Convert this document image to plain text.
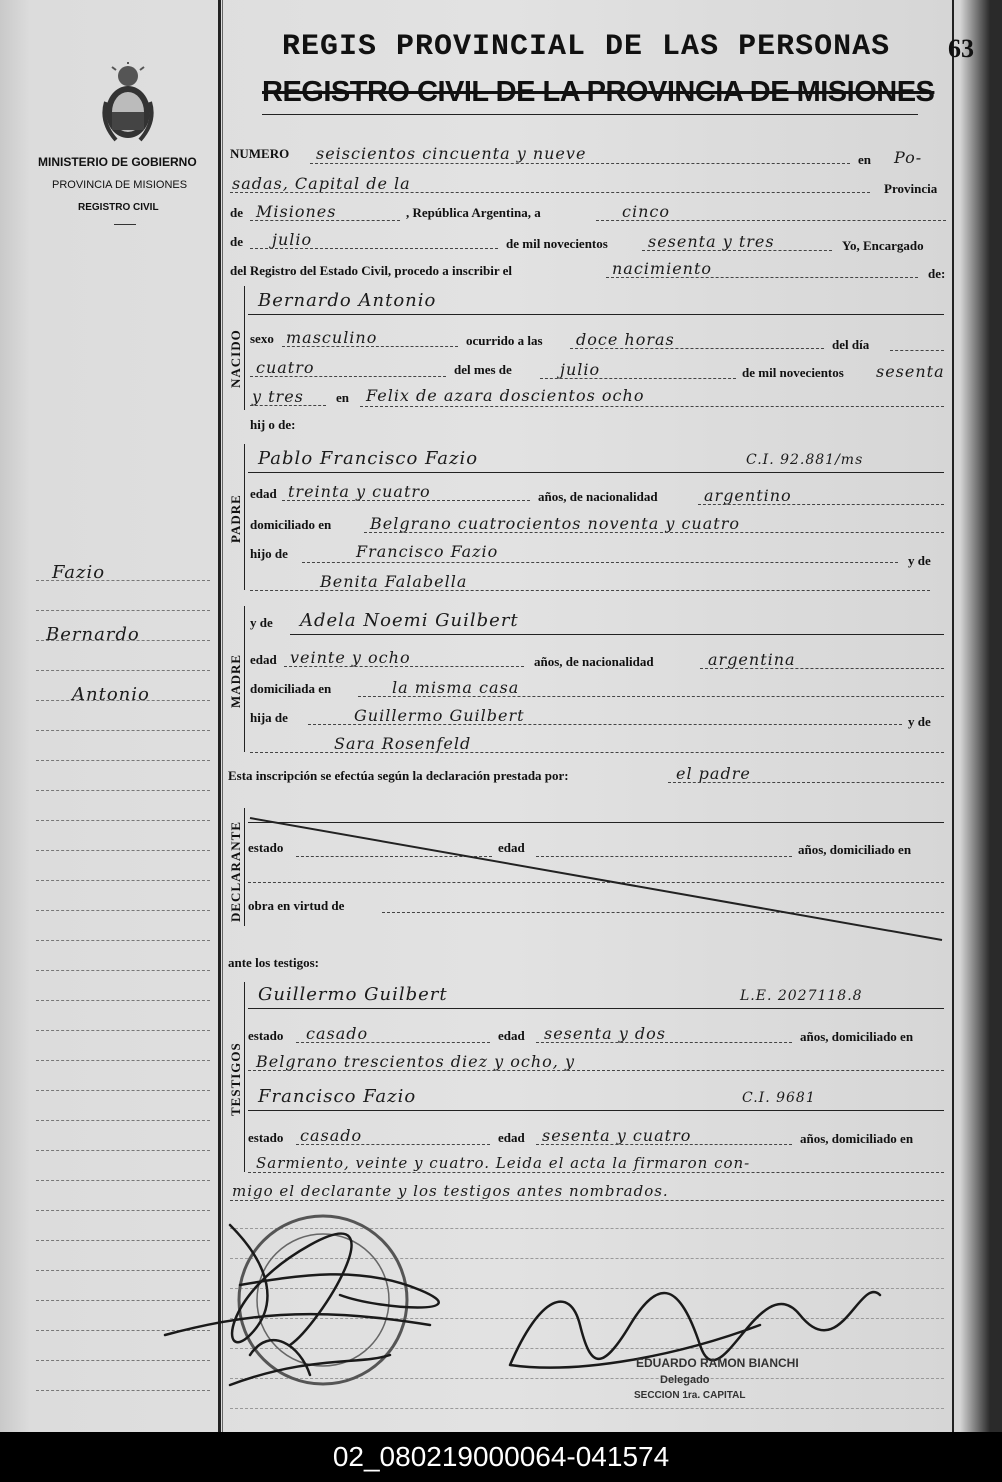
MINISTERIO DE GOBIERNO
PROVINCIA DE MISIONES
REGISTRO CIVIL
Fazio
Bernardo
Antonio
63
REGIS PROVINCIAL DE LAS PERSONAS
REGISTRO CIVIL DE LA PROVINCIA DE MISIONES
NUMERO seiscientos cincuenta y nueve	en Po-
sadas, Capital de la	Provincia
de Misiones	, República Argentina, a	cinco
de julio	de mil novecientos	sesenta y tres	Yo, Encargado
del Registro del Estado Civil, procedo a inscribir el	nacimiento	de:
NACIDO
Bernardo Antonio
sexo masculino	ocurrido a las doce horas	del día
cuatro	del mes de	julio	de mil novecientos sesenta
y tres en Felix de azara doscientos ocho
hij o de:
PADRE
Pablo Francisco Fazio	C.I. 92.881/ms
edad treinta y cuatro	años, de nacionalidad	argentino
domiciliado en Belgrano cuatrocientos noventa y cuatro
hijo de	Francisco Fazio	y de
Benita Falabella
MADRE
y de Adela Noemi Guilbert
edad veinte y ocho	años, de nacionalidad	argentina
domiciliada en	la misma casa
hija de	Guillermo Guilbert	y de
Sara Rosenfeld
Esta inscripción se efectúa según la declaración prestada por:	el padre
DECLARANTE estado	edad	años, domiciliado en
obra en virtud de
ante los testigos:
TESTIGOS
Guillermo Guilbert	L.E. 2027118.8
estado casado	edad sesenta y dos	años, domiciliado en
Belgrano trescientos diez y ocho, y
Francisco Fazio	C.I. 9681
estado casado	edad sesenta y cuatro	años, domiciliado en
Sarmiento, veinte y cuatro. Leida el acta la firmaron con-
migo el declarante y los testigos antes nombrados.
EDUARDO RAMON BIANCHI
Delegado
SECCION 1ra. CAPITAL
02_080219000064-041574
